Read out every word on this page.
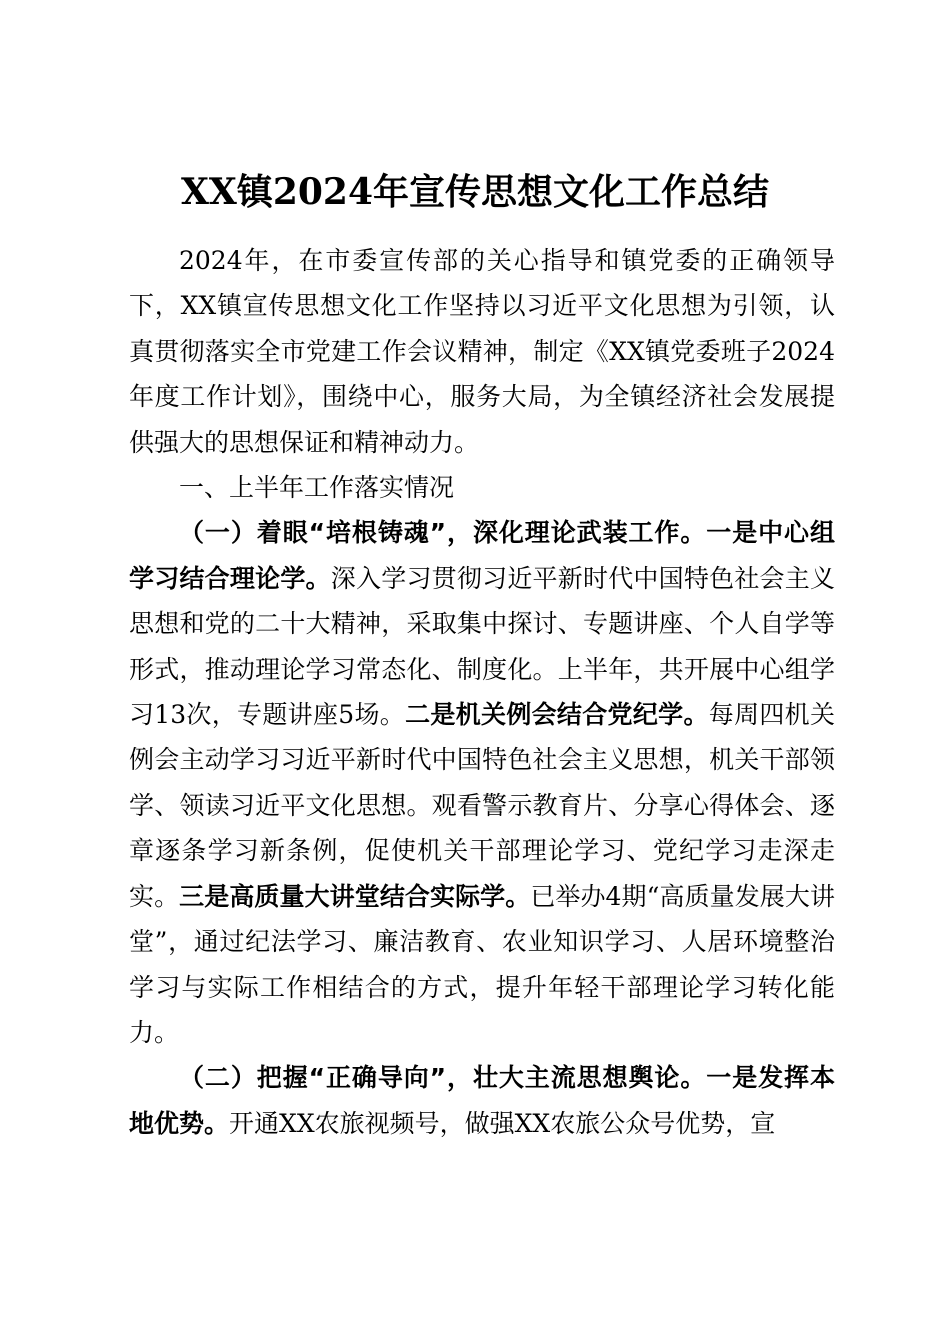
XX镇2024年宣传思想文化工作总结

2024年，在市委宣传部的关心指导和镇党委的正确领导下，XX镇宣传思想文化工作坚持以习近平文化思想为引领，认真贯彻落实全市党建工作会议精神，制定《XX镇党委班子2024年度工作计划》，围绕中心，服务大局，为全镇经济社会发展提供强大的思想保证和精神动力。

一、上半年工作落实情况

（一）着眼“培根铸魂”，深化理论武装工作。一是中心组学习结合理论学。深入学习贯彻习近平新时代中国特色社会主义思想和党的二十大精神，采取集中探讨、专题讲座、个人自学等形式，推动理论学习常态化、制度化。上半年，共开展中心组学习13次，专题讲座5场。二是机关例会结合党纪学。每周四机关例会主动学习习近平新时代中国特色社会主义思想，机关干部领学、领读习近平文化思想。观看警示教育片、分享心得体会、逐章逐条学习新条例，促使机关干部理论学习、党纪学习走深走实。三是高质量大讲堂结合实际学。已举办4期“高质量发展大讲堂”，通过纪法学习、廉洁教育、农业知识学习、人居环境整治学习与实际工作相结合的方式，提升年轻干部理论学习转化能力。

（二）把握“正确导向”，壮大主流思想舆论。一是发挥本地优势。开通XX农旅视频号，做强XX农旅公众号优势，宣
